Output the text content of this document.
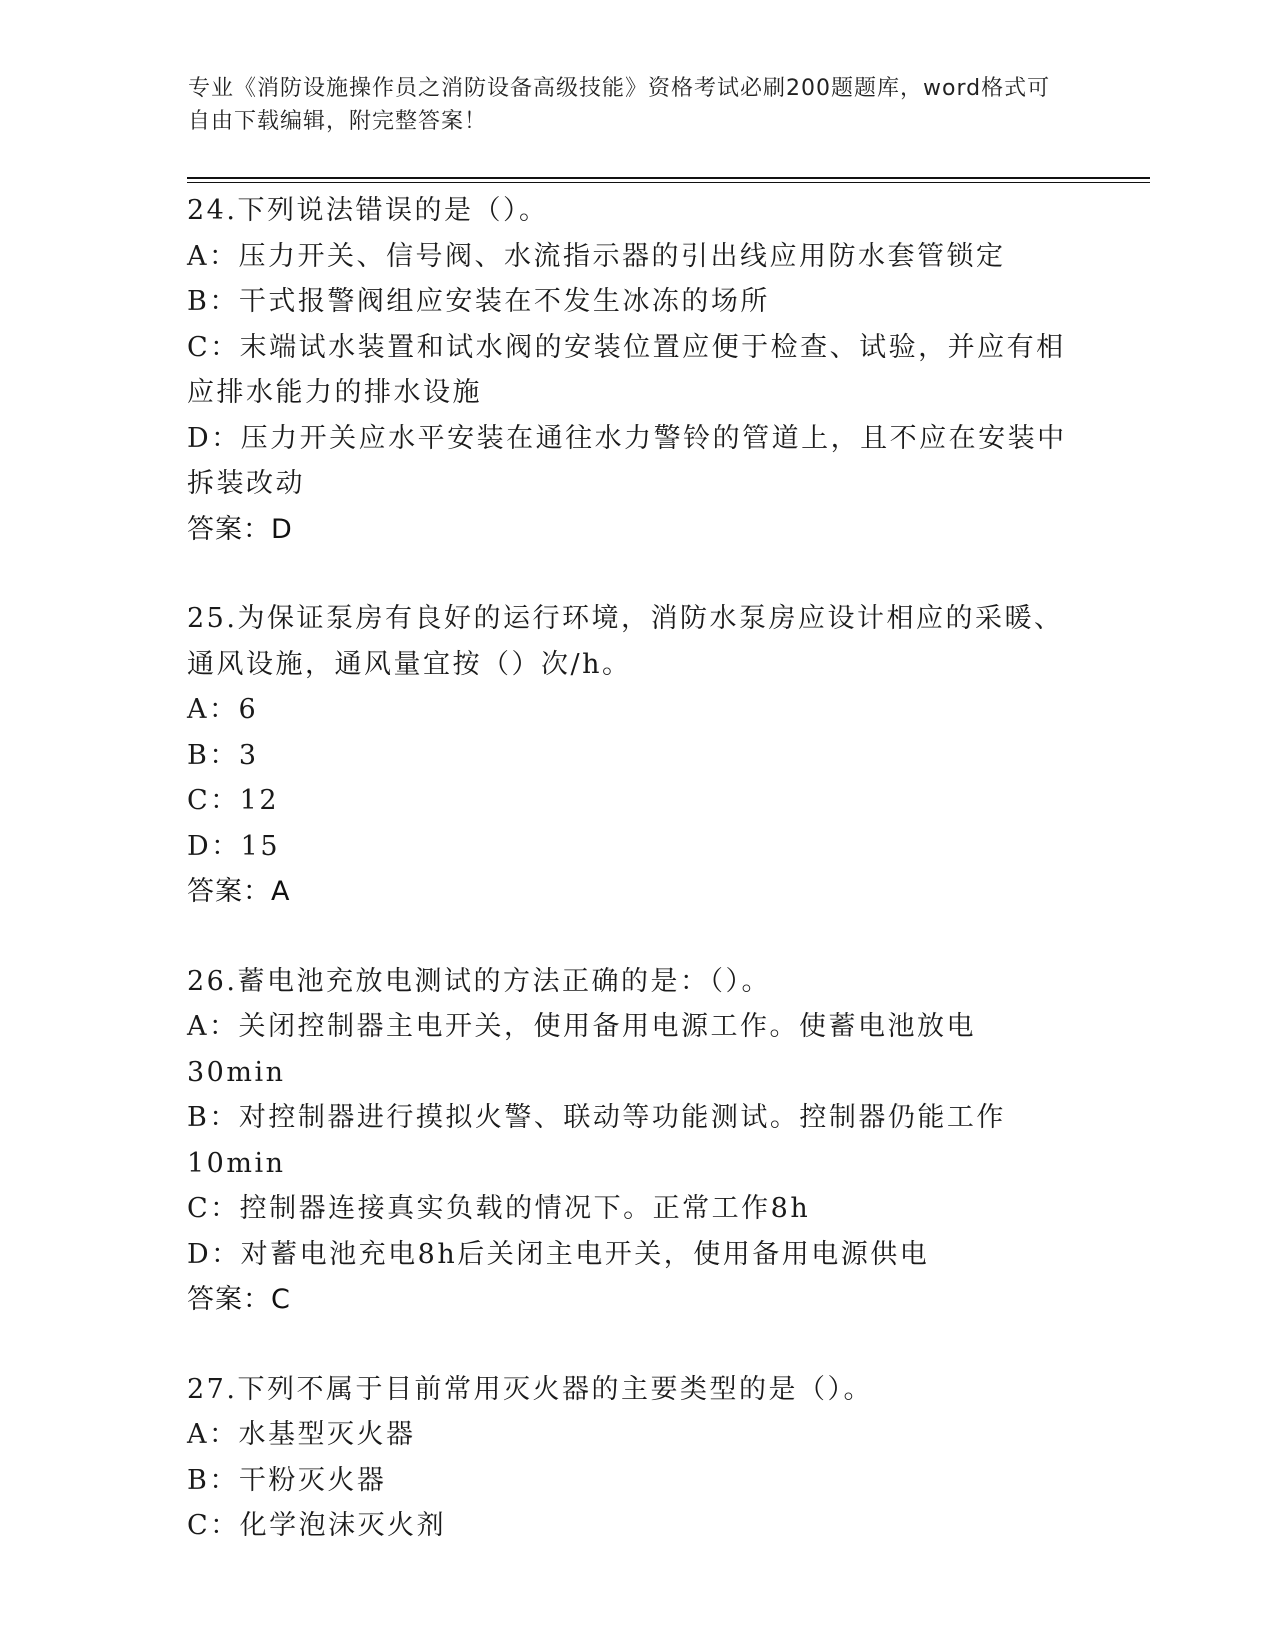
专业《消防设施操作员之消防设备高级技能》资格考试必刷200题题库，word格式可自由下载编辑，附完整答案！
24.下列说法错误的是（）。
A：压力开关、信号阀、水流指示器的引出线应用防水套管锁定
B：干式报警阀组应安装在不发生冰冻的场所
C：末端试水装置和试水阀的安装位置应便于检查、试验，并应有相应排水能力的排水设施
D：压力开关应水平安装在通往水力警铃的管道上，且不应在安装中拆装改动
答案：D
25.为保证泵房有良好的运行环境，消防水泵房应设计相应的采暖、通风设施，通风量宜按（）次/h。
A：6
B：3
C：12
D：15
答案：A
26.蓄电池充放电测试的方法正确的是：（）。
A：关闭控制器主电开关，使用备用电源工作。使蓄电池放电30min
B：对控制器进行摸拟火警、联动等功能测试。控制器仍能工作10min
C：控制器连接真实负载的情况下。正常工作8h
D：对蓄电池充电8h后关闭主电开关，使用备用电源供电
答案：C
27.下列不属于目前常用灭火器的主要类型的是（）。
A：水基型灭火器
B：干粉灭火器
C：化学泡沫灭火剂
